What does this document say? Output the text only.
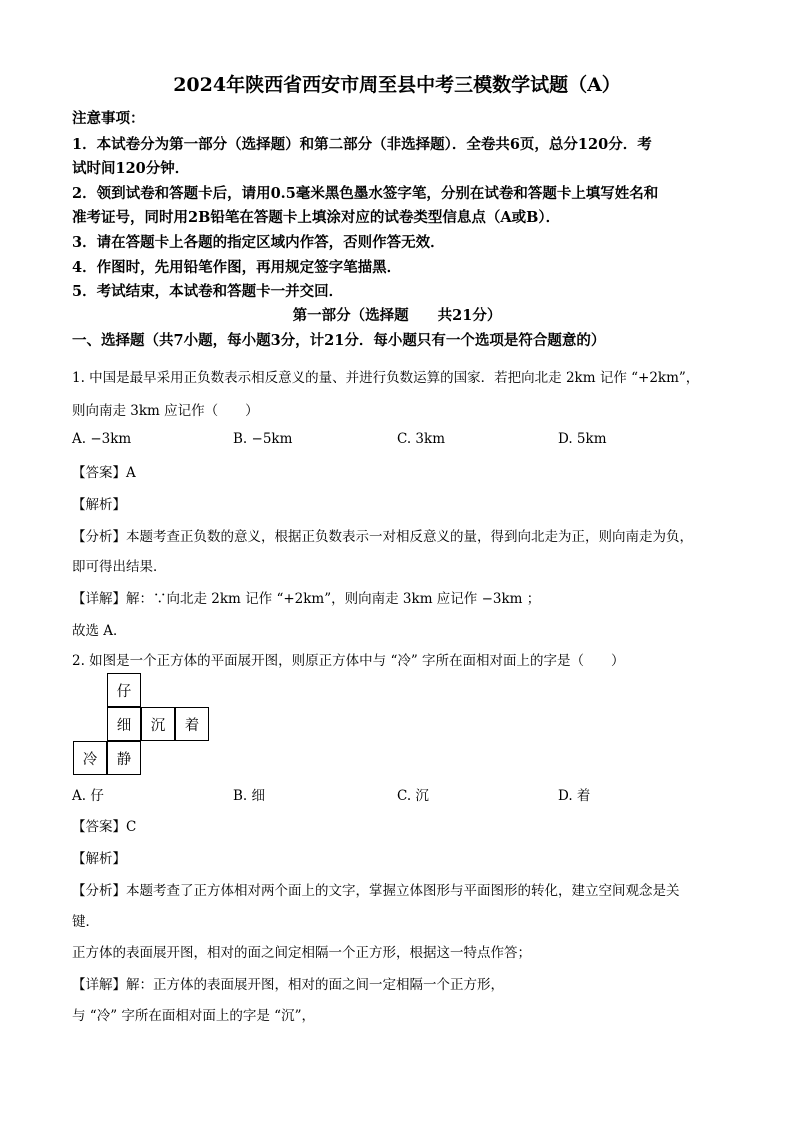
2024年陕西省西安市周至县中考三模数学试题（A）
注意事项：
1．本试卷分为第一部分（选择题）和第二部分（非选择题）．全卷共6页，总分120分．考
试时间120分钟．
2．领到试卷和答题卡后，请用0.5毫米黑色墨水签字笔，分别在试卷和答题卡上填写姓名和
准考证号，同时用2B铅笔在答题卡上填涂对应的试卷类型信息点（A或B）．
3．请在答题卡上各题的指定区域内作答，否则作答无效．
4．作图时，先用铅笔作图，再用规定签字笔描黑．
5．考试结束，本试卷和答题卡一并交回．
第一部分（选择题　　共21分）
一、选择题（共7小题，每小题3分，计21分．每小题只有一个选项是符合题意的）
1. 中国是最早采用正负数表示相反意义的量、并进行负数运算的国家．若把向北走 2km 记作 “+2km”，
则向南走 3km 应记作（　　）
A. −3km	B. −5km	C. 3km	D. 5km
【答案】A
【解析】
【分析】本题考查正负数的意义，根据正负数表示一对相反意义的量，得到向北走为正，则向南走为负，
即可得出结果．
【详解】解：∵向北走 2km 记作 “+2km”，则向南走 3km 应记作 −3km ；
故选 A．
2. 如图是一个正方体的平面展开图，则原正方体中与 “冷” 字所在面相对面上的字是（　　）
仔
细	沉	着
冷	静
A. 仔	B. 细	C. 沉	D. 着
【答案】C
【解析】
【分析】本题考查了正方体相对两个面上的文字，掌握立体图形与平面图形的转化，建立空间观念是关
键．
正方体的表面展开图，相对的面之间定相隔一个正方形，根据这一特点作答；
【详解】解：正方体的表面展开图，相对的面之间一定相隔一个正方形，
与 “冷” 字所在面相对面上的字是 “沉”，
